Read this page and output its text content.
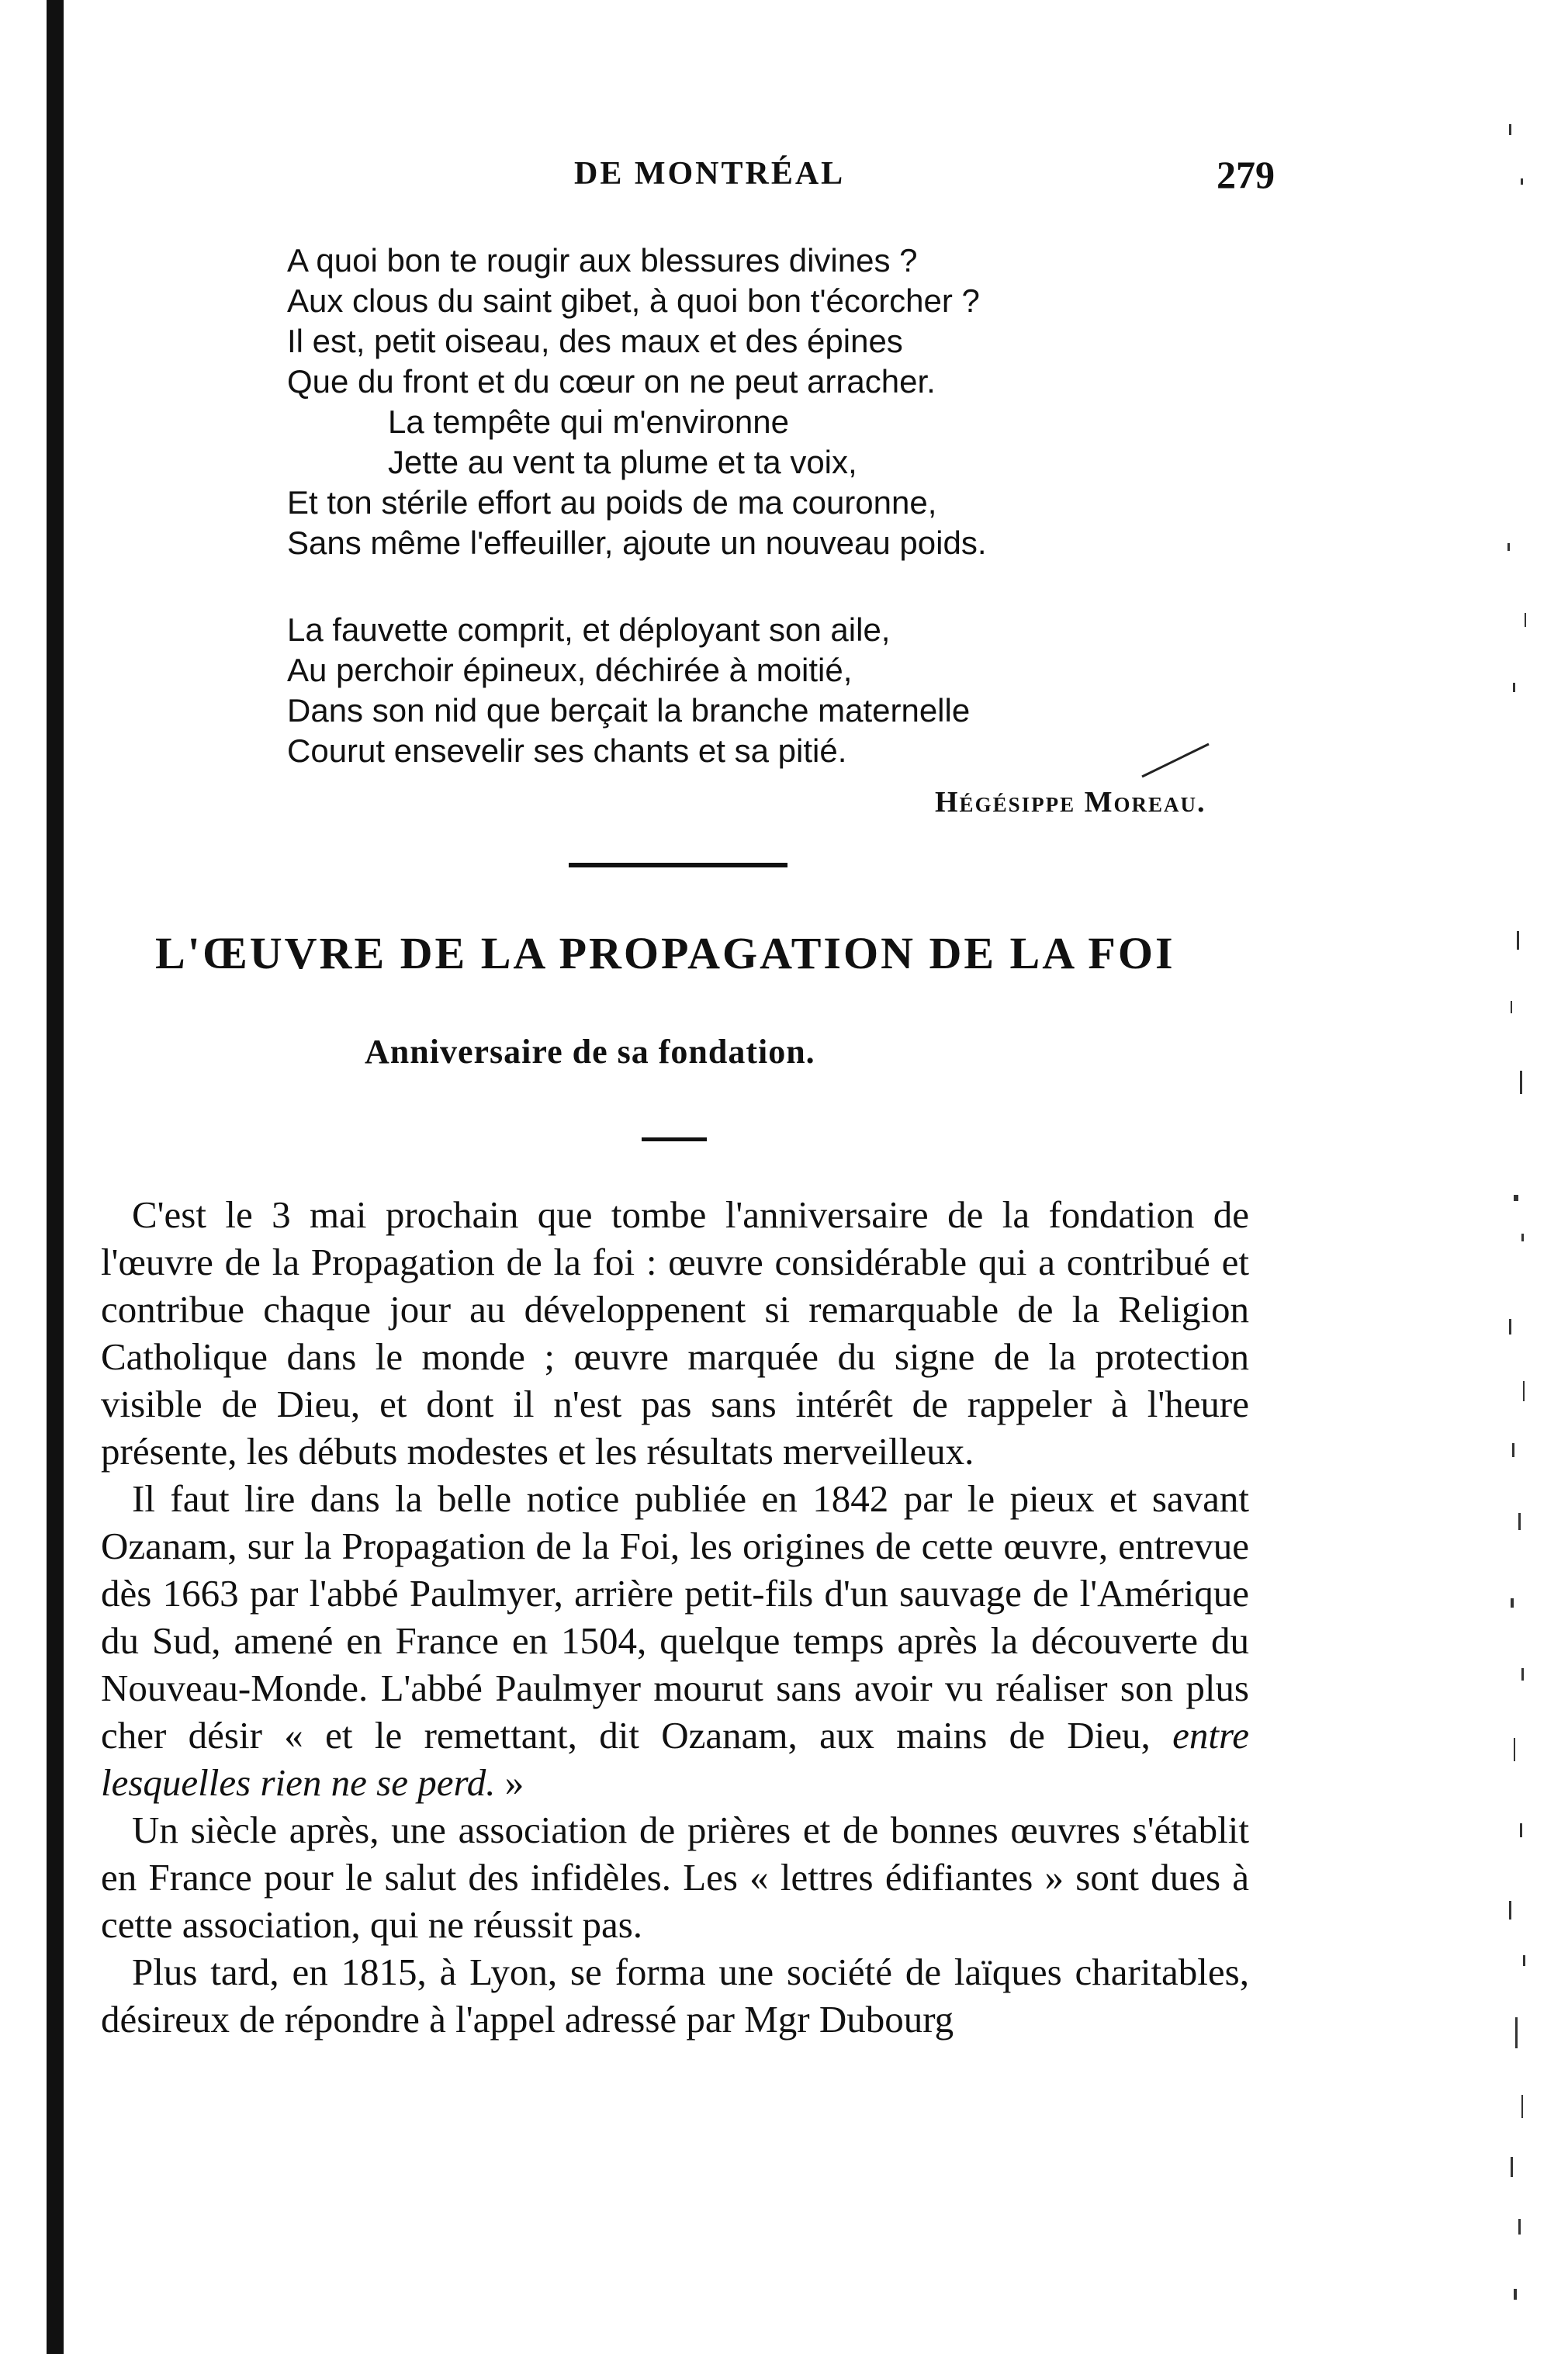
DE MONTRÉAL	279
A quoi bon te rougir aux blessures divines ?
Aux clous du saint gibet, à quoi bon t'écorcher ?
Il est, petit oiseau, des maux et des épines
Que du front et du cœur on ne peut arracher.
La tempête qui m'environne
Jette au vent ta plume et ta voix,
Et ton stérile effort au poids de ma couronne,
Sans même l'effeuiller, ajoute un nouveau poids.
La fauvette comprit, et déployant son aile,
Au perchoir épineux, déchirée à moitié,
Dans son nid que berçait la branche maternelle
Courut ensevelir ses chants et sa pitié.
Hégésippe Moreau.
L'ŒUVRE DE LA PROPAGATION DE LA FOI
Anniversaire de sa fondation.

C'est le 3 mai prochain que tombe l'anniversaire de la fondation de l'œuvre de la Propagation de la foi : œuvre considérable qui a contribué et contribue chaque jour au développenent si remarquable de la Religion Catholique dans le monde ; œuvre marquée du signe de la protection visible de Dieu, et dont il n'est pas sans intérêt de rappeler à l'heure présente, les débuts modestes et les résultats merveilleux.

Il faut lire dans la belle notice publiée en 1842 par le pieux et savant Ozanam, sur la Propagation de la Foi, les origines de cette œuvre, entrevue dès 1663 par l'abbé Paulmyer, arrière petit-fils d'un sauvage de l'Amérique du Sud, amené en France en 1504, quelque temps après la découverte du Nouveau-Monde. L'abbé Paulmyer mourut sans avoir vu réaliser son plus cher désir « et le remettant, dit Ozanam, aux mains de Dieu, entre lesquelles rien ne se perd. »

Un siècle après, une association de prières et de bonnes œuvres s'établit en France pour le salut des infidèles. Les « lettres édifiantes » sont dues à cette association, qui ne réussit pas.

Plus tard, en 1815, à Lyon, se forma une société de laïques charitables, désireux de répondre à l'appel adressé par Mgr Dubourg
